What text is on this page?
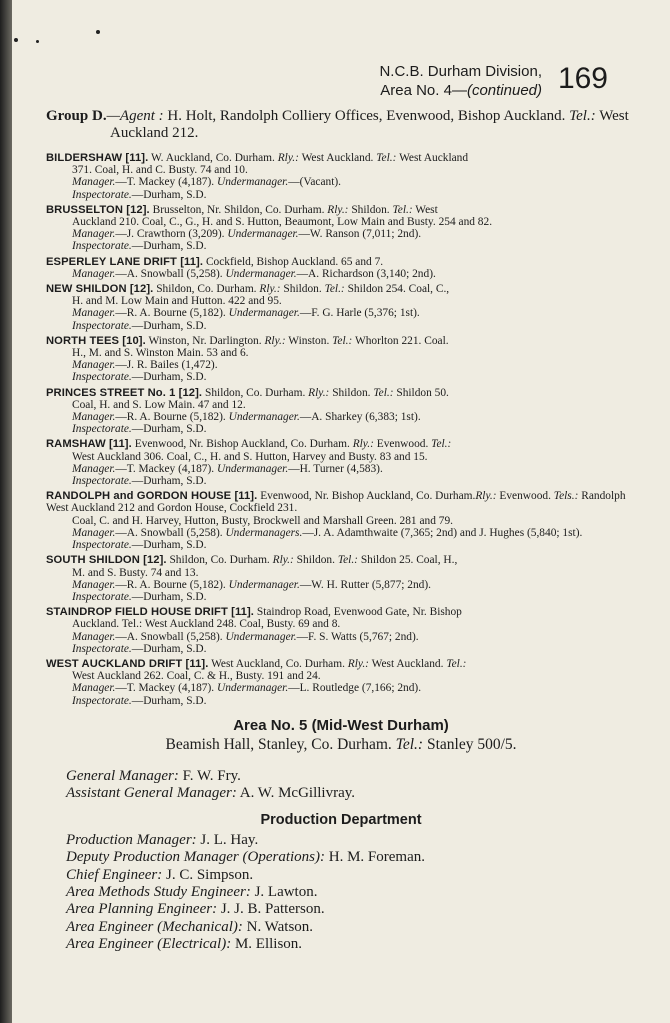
N.C.B. Durham Division,
Area No. 4—(continued) 169
Group D.—Agent : H. Holt, Randolph Colliery Offices, Evenwood, Bishop Auckland. Tel.: West Auckland 212.
BILDERSHAW [11]. W. Auckland, Co. Durham. Rly.: West Auckland. Tel.: West Auckland
371. Coal, H. and C. Busty. 74 and 10.
Manager.—T. Mackey (4,187). Undermanager.—(Vacant).
Inspectorate.—Durham, S.D.
BRUSSELTON [12]. Brusselton, Nr. Shildon, Co. Durham. Rly.: Shildon. Tel.: West
Auckland 210. Coal, C., G., H. and S. Hutton, Beaumont, Low Main and Busty. 254 and 82.
Manager.—J. Crawthorn (3,209). Undermanager.—W. Ranson (7,011; 2nd).
Inspectorate.—Durham, S.D.
ESPERLEY LANE DRIFT [11]. Cockfield, Bishop Auckland. 65 and 7.
Manager.—A. Snowball (5,258). Undermanager.—A. Richardson (3,140; 2nd).
NEW SHILDON [12]. Shildon, Co. Durham. Rly.: Shildon. Tel.: Shildon 254. Coal, C.,
H. and M. Low Main and Hutton. 422 and 95.
Manager.—R. A. Bourne (5,182). Undermanager.—F. G. Harle (5,376; 1st).
Inspectorate.—Durham, S.D.
NORTH TEES [10]. Winston, Nr. Darlington. Rly.: Winston. Tel.: Whorlton 221. Coal.
H., M. and S. Winston Main. 53 and 6.
Manager.—J. R. Bailes (1,472).
Inspectorate.—Durham, S.D.
PRINCES STREET No. 1 [12]. Shildon, Co. Durham. Rly.: Shildon. Tel.: Shildon 50.
Coal, H. and S. Low Main. 47 and 12.
Manager.—R. A. Bourne (5,182). Undermanager.—A. Sharkey (6,383; 1st).
Inspectorate.—Durham, S.D.
RAMSHAW [11]. Evenwood, Nr. Bishop Auckland, Co. Durham. Rly.: Evenwood. Tel.:
West Auckland 306. Coal, C., H. and S. Hutton, Harvey and Busty. 83 and 15.
Manager.—T. Mackey (4,187). Undermanager.—H. Turner (4,583).
Inspectorate.—Durham, S.D.
RANDOLPH and GORDON HOUSE [11]. Evenwood, Nr. Bishop Auckland, Co. Durham.Rly.: Evenwood. Tels.: Randolph West Auckland 212 and Gordon House, Cockfield 231.
Coal, C. and H. Harvey, Hutton, Busty, Brockwell and Marshall Green. 281 and 79.
Manager.—A. Snowball (5,258). Undermanagers.—J. A. Adamthwaite (7,365; 2nd) and J. Hughes (5,840; 1st).
Inspectorate.—Durham, S.D.
SOUTH SHILDON [12]. Shildon, Co. Durham. Rly.: Shildon. Tel.: Shildon 25. Coal, H.,
M. and S. Busty. 74 and 13.
Manager.—R. A. Bourne (5,182). Undermanager.—W. H. Rutter (5,877; 2nd).
Inspectorate.—Durham, S.D.
STAINDROP FIELD HOUSE DRIFT [11]. Staindrop Road, Evenwood Gate, Nr. Bishop
Auckland. Tel.: West Auckland 248. Coal, Busty. 69 and 8.
Manager.—A. Snowball (5,258). Undermanager.—F. S. Watts (5,767; 2nd).
Inspectorate.—Durham, S.D.
WEST AUCKLAND DRIFT [11]. West Auckland, Co. Durham. Rly.: West Auckland. Tel.:
West Auckland 262. Coal, C. & H., Busty. 191 and 24.
Manager.—T. Mackey (4,187). Undermanager.—L. Routledge (7,166; 2nd).
Inspectorate.—Durham, S.D.
Area No. 5 (Mid-West Durham)
Beamish Hall, Stanley, Co. Durham. Tel.: Stanley 500/5.
General Manager: F. W. Fry.
Assistant General Manager: A. W. McGillivray.
Production Department
Production Manager: J. L. Hay.
Deputy Production Manager (Operations): H. M. Foreman.
Chief Engineer: J. C. Simpson.
Area Methods Study Engineer: J. Lawton.
Area Planning Engineer: J. J. B. Patterson.
Area Engineer (Mechanical): N. Watson.
Area Engineer (Electrical): M. Ellison.
